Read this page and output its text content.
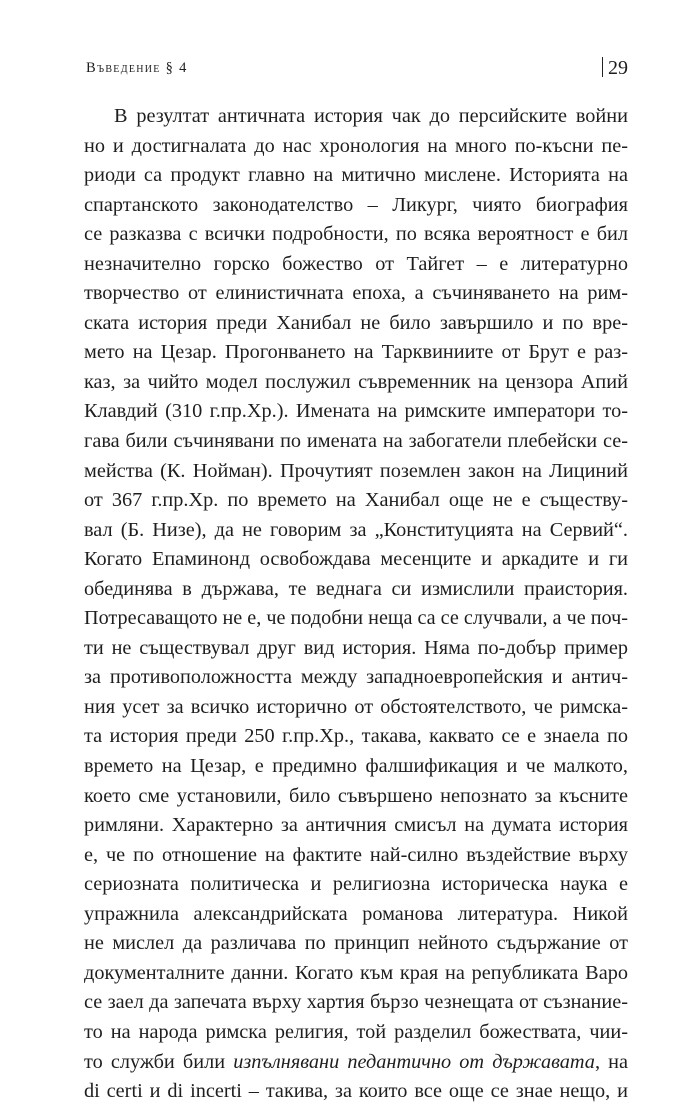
Въведение § 4	29
В резултат античната история чак до персийските войни
но и достигналата до нас хронология на много по-късни пе-
риоди са продукт главно на митично мислене. Историята на
спартанското законодателство – Ликург, чиято биография
се разказва с всички подробности, по всяка вероятност е бил
незначително горско божество от Тайгет – е литературно
творчество от елинистичната епоха, а съчиняването на рим-
ската история преди Ханибал не било завършило и по вре-
мето на Цезар. Прогонването на Тарквиниите от Брут е раз-
каз, за чийто модел послужил съвременник на цензора Апий
Клавдий (310 г.пр.Хр.). Имената на римските императори то-
гава били съчинявани по имената на забогатели плебейски се-
мейства (К. Нойман). Прочутият поземлен закон на Лициний
от 367 г.пр.Хр. по времето на Ханибал още не е съществу-
вал (Б. Низе), да не говорим за „Конституцията на Сервий“.
Когато Епаминонд освобождава месенците и аркадите и ги
обединява в държава, те веднага си измислили праистория.
Потресаващото не е, че подобни неща са се случвали, а че поч-
ти не съществувал друг вид история. Няма по-добър пример
за противоположността между западноевропейския и антич-
ния усет за всичко исторично от обстоятелството, че римска-
та история преди 250 г.пр.Хр., такава, каквато се е знаела по
времето на Цезар, е предимно фалшификация и че малкото,
което сме установили, било съвършено непознато за късните
римляни. Характерно за античния смисъл на думата история
е, че по отношение на фактите най-силно въздействие върху
сериозната политическа и религиозна историческа наука е
упражнила александрийската романова литература. Никой
не мислел да различава по принцип нейното съдържание от
документалните данни. Когато към края на републиката Варо
се заел да запечата върху хартия бързо чезнещата от съзнание-
то на народа римска религия, той разделил божествата, чии-
то служби били изпълнявани педантично от държавата, на
di certi и di incerti – такива, за които все още се знае нещо, и
